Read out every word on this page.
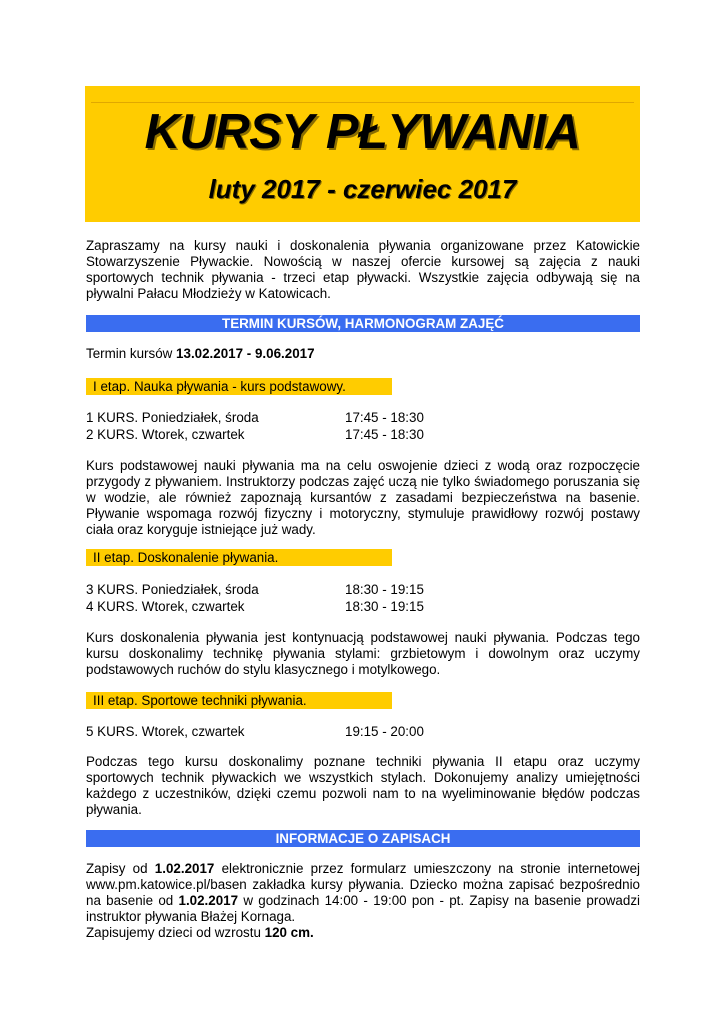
KURSY PŁYWANIA
luty 2017 - czerwiec 2017

Zapraszamy na kursy nauki i doskonalenia pływania organizowane przez Katowickie Stowarzyszenie Pływackie. Nowością w naszej ofercie kursowej są zajęcia z nauki sportowych technik pływania - trzeci etap pływacki. Wszystkie zajęcia odbywają się na pływalni Pałacu Młodzieży w Katowicach.

TERMIN KURSÓW, HARMONOGRAM ZAJĘĆ
Termin kursów 13.02.2017 - 9.06.2017
I etap. Nauka pływania - kurs podstawowy.
1 KURS. Poniedziałek, środa	17:45 - 18:30
2 KURS. Wtorek, czwartek	17:45 - 18:30

Kurs podstawowej nauki pływania ma na celu oswojenie dzieci z wodą oraz rozpoczęcie przygody z pływaniem. Instruktorzy podczas zajęć uczą nie tylko świadomego poruszania się w wodzie, ale również zapoznają kursantów z zasadami bezpieczeństwa na basenie. Pływanie wspomaga rozwój fizyczny i motoryczny, stymuluje prawidłowy rozwój postawy ciała oraz koryguje istniejące już wady.

II etap. Doskonalenie pływania.
3 KURS. Poniedziałek, środa	18:30 - 19:15
4 KURS. Wtorek, czwartek	18:30 - 19:15

Kurs doskonalenia pływania jest kontynuacją podstawowej nauki pływania. Podczas tego kursu doskonalimy technikę pływania stylami: grzbietowym i dowolnym oraz uczymy podstawowych ruchów do stylu klasycznego i motylkowego.

III etap. Sportowe techniki pływania.
5 KURS. Wtorek, czwartek	19:15 - 20:00

Podczas tego kursu doskonalimy poznane techniki pływania II etapu oraz uczymy sportowych technik pływackich we wszystkich stylach. Dokonujemy analizy umiejętności każdego z uczestników, dzięki czemu pozwoli nam to na wyeliminowanie błędów podczas pływania.

INFORMACJE O ZAPISACH

Zapisy od 1.02.2017 elektronicznie przez formularz umieszczony na stronie internetowej www.pm.katowice.pl/basen zakładka kursy pływania. Dziecko można zapisać bezpośrednio na basenie od 1.02.2017 w godzinach 14:00 - 19:00 pon - pt. Zapisy na basenie prowadzi instruktor pływania Błażej Kornaga.

Zapisujemy dzieci od wzrostu 120 cm.
